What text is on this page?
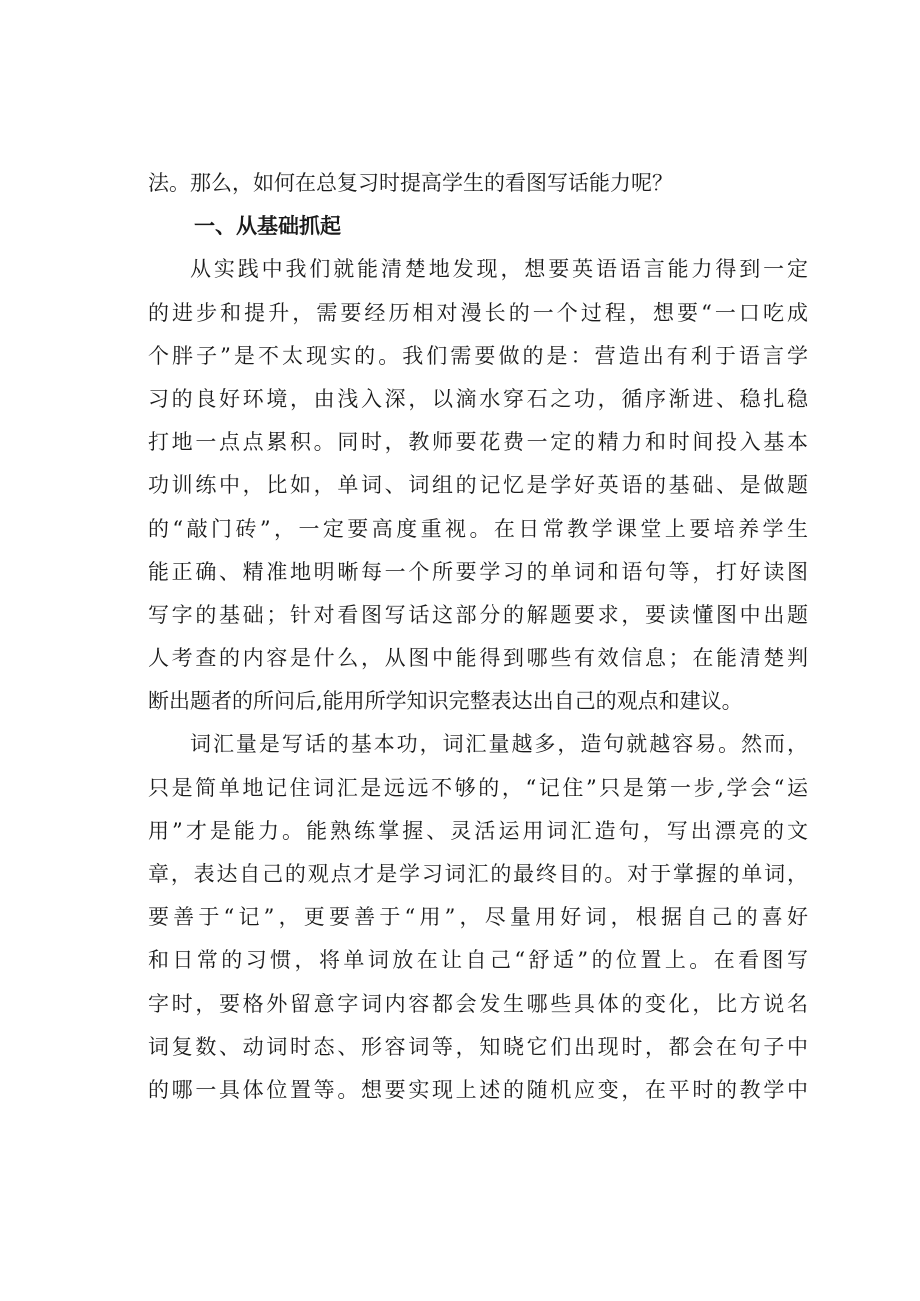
法。那么，如何在总复习时提高学生的看图写话能力呢？
一、从基础抓起
从实践中我们就能清楚地发现，想要英语语言能力得到一定
的进步和提升，需要经历相对漫长的一个过程，想要“一口吃成
个胖子”是不太现实的。我们需要做的是：营造出有利于语言学
习的良好环境，由浅入深，以滴水穿石之功，循序渐进、稳扎稳
打地一点点累积。同时，教师要花费一定的精力和时间投入基本
功训练中，比如，单词、词组的记忆是学好英语的基础、是做题
的“敲门砖”，一定要高度重视。在日常教学课堂上要培养学生
能正确、精准地明晰每一个所要学习的单词和语句等，打好读图
写字的基础；针对看图写话这部分的解题要求，要读懂图中出题
人考查的内容是什么，从图中能得到哪些有效信息；在能清楚判
断出题者的所问后,能用所学知识完整表达出自己的观点和建议。
词汇量是写话的基本功，词汇量越多，造句就越容易。然而，
只是简单地记住词汇是远远不够的，“记住”只是第一步,学会“运
用”才是能力。能熟练掌握、灵活运用词汇造句，写出漂亮的文
章，表达自己的观点才是学习词汇的最终目的。对于掌握的单词，
要善于“记”，更要善于“用”，尽量用好词，根据自己的喜好
和日常的习惯，将单词放在让自己“舒适”的位置上。在看图写
字时，要格外留意字词内容都会发生哪些具体的变化，比方说名
词复数、动词时态、形容词等，知晓它们出现时，都会在句子中
的哪一具体位置等。想要实现上述的随机应变，在平时的教学中
